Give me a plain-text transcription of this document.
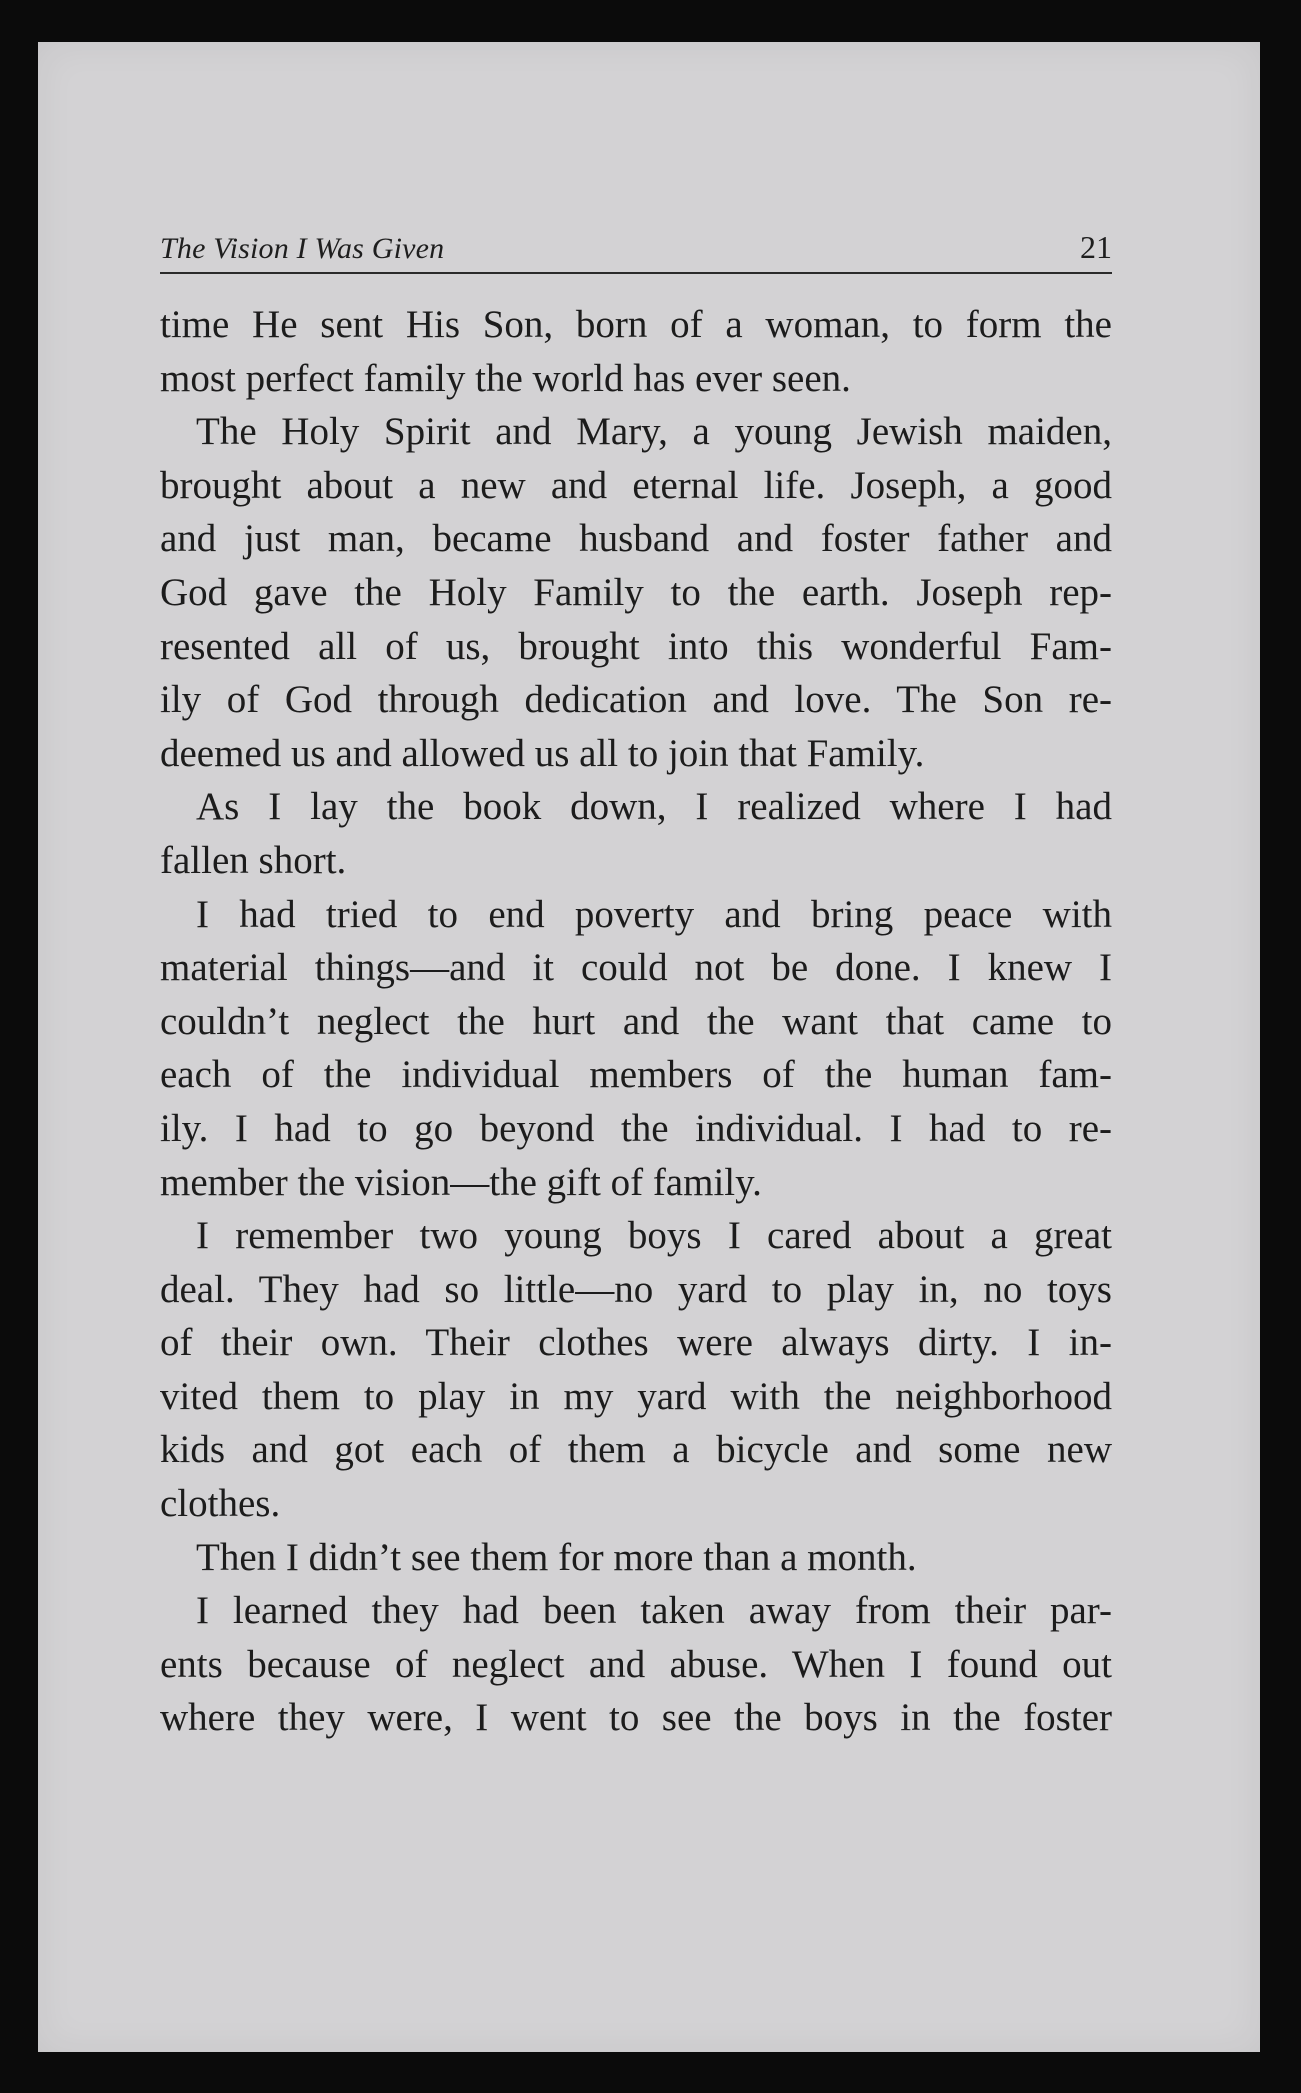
The Vision I Was Given	21
time He sent His Son, born of a woman, to form the
most perfect family the world has ever seen.
The Holy Spirit and Mary, a young Jewish maiden,
brought about a new and eternal life. Joseph, a good
and just man, became husband and foster father and
God gave the Holy Family to the earth. Joseph rep-
resented all of us, brought into this wonderful Fam-
ily of God through dedication and love. The Son re-
deemed us and allowed us all to join that Family.
As I lay the book down, I realized where I had
fallen short.
I had tried to end poverty and bring peace with
material things—and it could not be done. I knew I
couldn’t neglect the hurt and the want that came to
each of the individual members of the human fam-
ily. I had to go beyond the individual. I had to re-
member the vision—the gift of family.
I remember two young boys I cared about a great
deal. They had so little—no yard to play in, no toys
of their own. Their clothes were always dirty. I in-
vited them to play in my yard with the neighborhood
kids and got each of them a bicycle and some new
clothes.
Then I didn’t see them for more than a month.
I learned they had been taken away from their par-
ents because of neglect and abuse. When I found out
where they were, I went to see the boys in the foster
